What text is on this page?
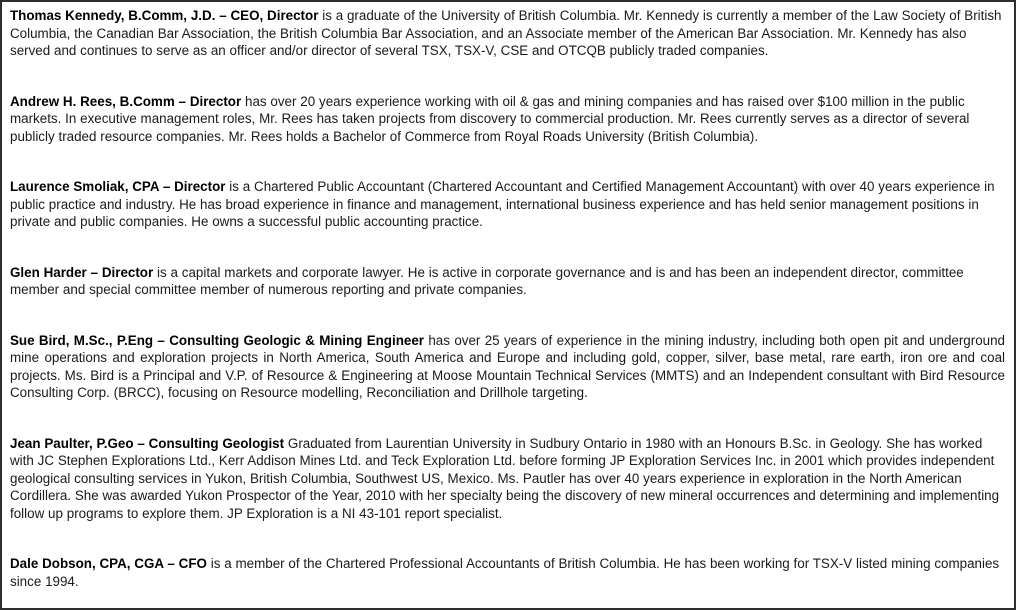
Thomas Kennedy, B.Comm, J.D. – CEO, Director is a graduate of the University of British Columbia. Mr. Kennedy is currently a member of the Law Society of British Columbia, the Canadian Bar Association, the British Columbia Bar Association, and an Associate member of the American Bar Association. Mr. Kennedy has also served and continues to serve as an officer and/or director of several TSX, TSX-V, CSE and OTCQB publicly traded companies.

Andrew H. Rees, B.Comm – Director has over 20 years experience working with oil & gas and mining companies and has raised over $100 million in the public markets. In executive management roles, Mr. Rees has taken projects from discovery to commercial production. Mr. Rees currently serves as a director of several publicly traded resource companies. Mr. Rees holds a Bachelor of Commerce from Royal Roads University (British Columbia).

Laurence Smoliak, CPA – Director is a Chartered Public Accountant (Chartered Accountant and Certified Management Accountant) with over 40 years experience in public practice and industry. He has broad experience in finance and management, international business experience and has held senior management positions in private and public companies. He owns a successful public accounting practice.

Glen Harder – Director is a capital markets and corporate lawyer. He is active in corporate governance and is and has been an independent director, committee member and special committee member of numerous reporting and private companies.

Sue Bird, M.Sc., P.Eng – Consulting Geologic & Mining Engineer has over 25 years of experience in the mining industry, including both open pit and underground mine operations and exploration projects in North America, South America and Europe and including gold, copper, silver, base metal, rare earth, iron ore and coal projects. Ms. Bird is a Principal and V.P. of Resource & Engineering at Moose Mountain Technical Services (MMTS) and an Independent consultant with Bird Resource Consulting Corp. (BRCC), focusing on Resource modelling, Reconciliation and Drillhole targeting.

Jean Paulter, P.Geo – Consulting Geologist Graduated from Laurentian University in Sudbury Ontario in 1980 with an Honours B.Sc. in Geology. She has worked with JC Stephen Explorations Ltd., Kerr Addison Mines Ltd. and Teck Exploration Ltd. before forming JP Exploration Services Inc. in 2001 which provides independent geological consulting services in Yukon, British Columbia, Southwest US, Mexico. Ms. Pautler has over 40 years experience in exploration in the North American Cordillera. She was awarded Yukon Prospector of the Year, 2010 with her specialty being the discovery of new mineral occurrences and determining and implementing follow up programs to explore them. JP Exploration is a NI 43-101 report specialist.

Dale Dobson, CPA, CGA – CFO is a member of the Chartered Professional Accountants of British Columbia. He has been working for TSX-V listed mining companies since 1994.
